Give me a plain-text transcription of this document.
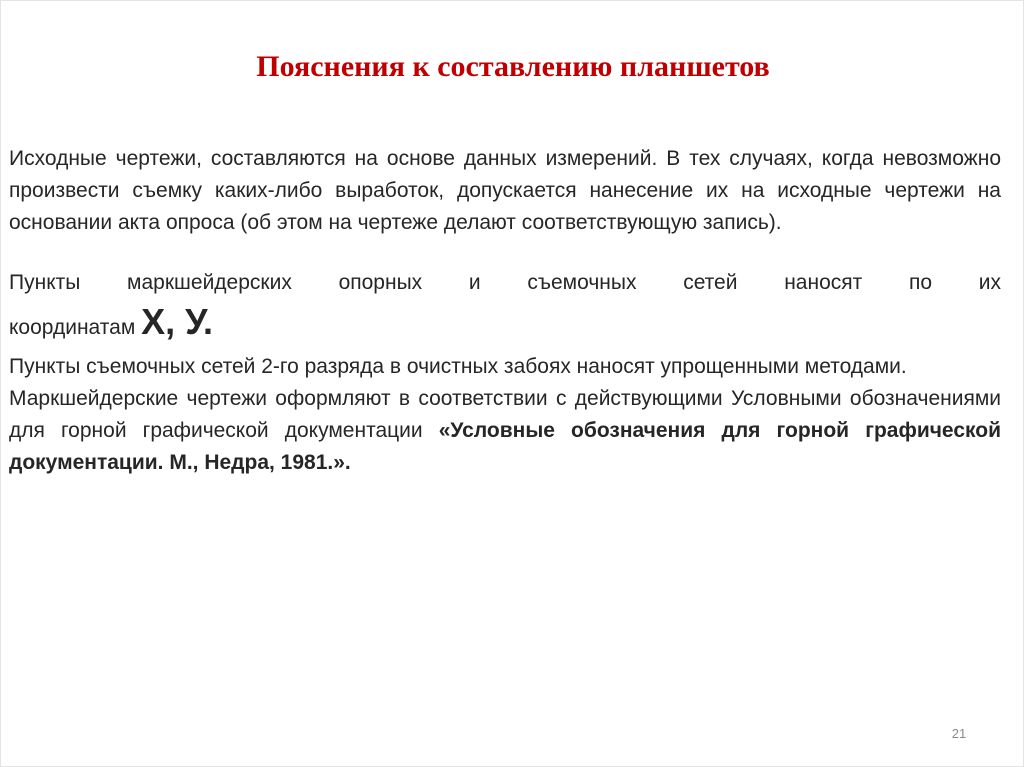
Пояснения к составлению планшетов

Исходные чертежи, составляются на основе данных измерений. В тех случаях, когда невозможно произвести съемку каких-либо выработок, допускается нанесение их на исходные чертежи на основании акта опроса (об этом на чертеже делают соответствующую запись).

Пункты маркшейдерских опорных и съемочных сетей наносят по их

координатам Х, У.

Пункты съемочных сетей 2-го разряда в очистных забоях наносят упрощенными методами.

Маркшейдерские чертежи оформляют в соответствии с действующими Условными обозначениями для горной графической документации «Условные обозначения для горной графической документации. М., Недра, 1981.».

21
